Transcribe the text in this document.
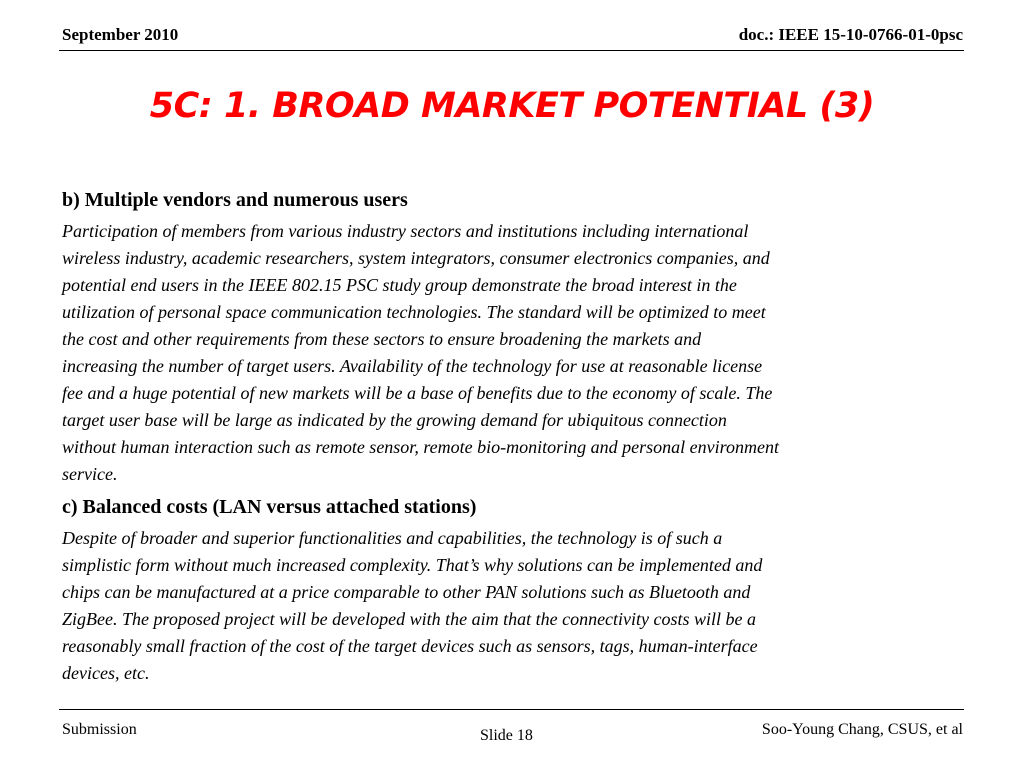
September 2010	doc.: IEEE 15-10-0766-01-0psc
5C: 1. BROAD MARKET POTENTIAL (3)
b) Multiple vendors and numerous users
Participation of members from various industry sectors and institutions including international
wireless industry, academic researchers, system integrators, consumer electronics companies, and
potential end users in the IEEE 802.15 PSC study group demonstrate the broad interest in the
utilization of personal space communication technologies. The standard will be optimized to meet
the cost and other requirements from these sectors to ensure broadening the markets and
increasing the number of target users. Availability of the technology for use at reasonable license
fee and a huge potential of new markets will be a base of benefits due to the economy of scale. The
target user base will be large as indicated by the growing demand for ubiquitous connection
without human interaction such as remote sensor, remote bio-monitoring and personal environment
service.
c) Balanced costs (LAN versus attached stations)
Despite of broader and superior functionalities and capabilities, the technology is of such a
simplistic form without much increased complexity. That’s why solutions can be implemented and
chips can be manufactured at a price comparable to other PAN solutions such as Bluetooth and
ZigBee. The proposed project will be developed with the aim that the connectivity costs will be a
reasonably small fraction of the cost of the target devices such as sensors, tags, human-interface
devices, etc.
Submission	Slide 18	Soo-Young Chang, CSUS, et al
